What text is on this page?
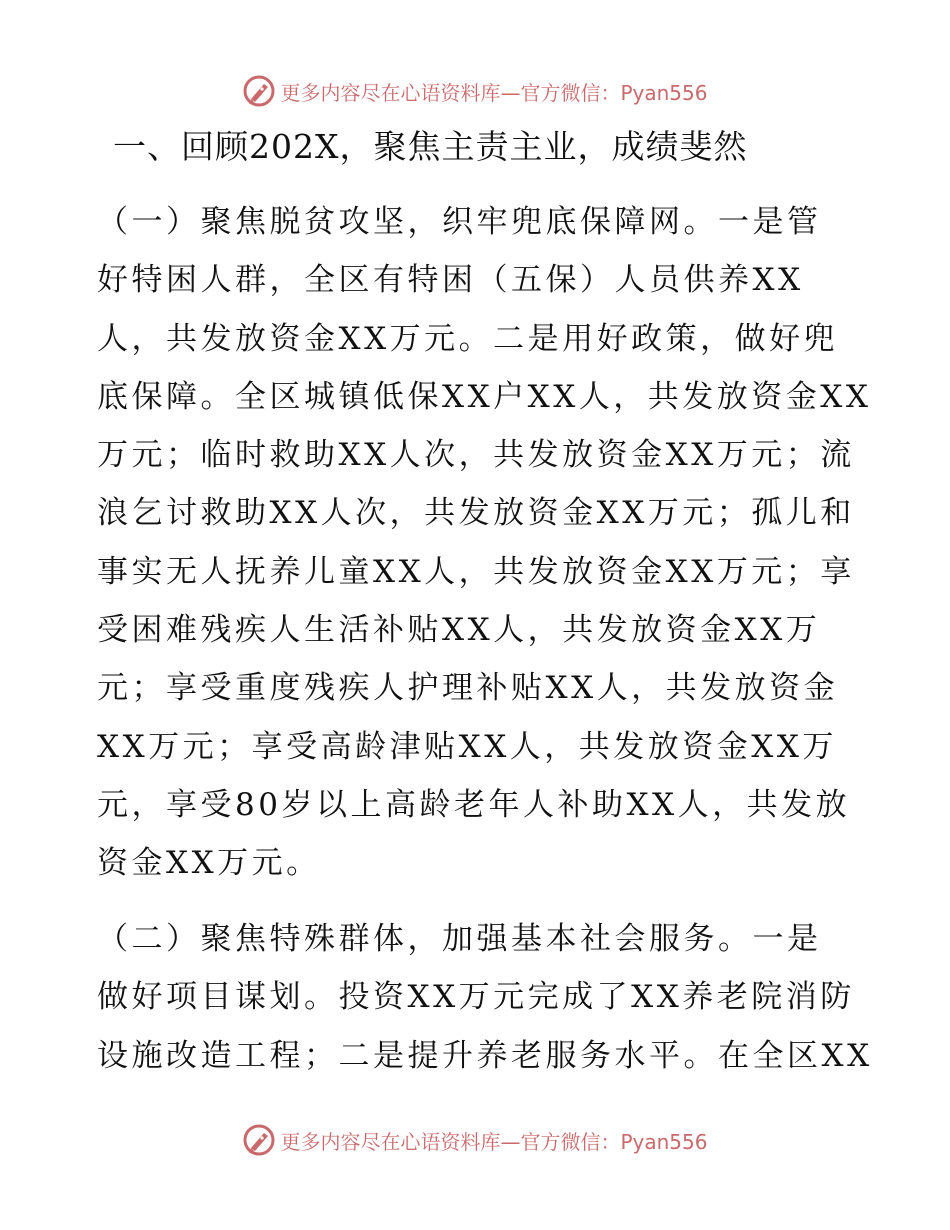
更多内容尽在心语资料库—官方微信：Pyan556
一、回顾202X，聚焦主责主业，成绩斐然
（一）聚焦脱贫攻坚，织牢兜底保障网。一是管
好特困人群，全区有特困（五保）人员供养XX
人，共发放资金XX万元。二是用好政策，做好兜
底保障。全区城镇低保XX户XX人，共发放资金XX
万元；临时救助XX人次，共发放资金XX万元；流
浪乞讨救助XX人次，共发放资金XX万元；孤儿和
事实无人抚养儿童XX人，共发放资金XX万元；享
受困难残疾人生活补贴XX人，共发放资金XX万
元；享受重度残疾人护理补贴XX人，共发放资金
XX万元；享受高龄津贴XX人，共发放资金XX万
元，享受80岁以上高龄老年人补助XX人，共发放
资金XX万元。
（二）聚焦特殊群体，加强基本社会服务。一是
做好项目谋划。投资XX万元完成了XX养老院消防
设施改造工程；二是提升养老服务水平。在全区XX
更多内容尽在心语资料库—官方微信：Pyan556
